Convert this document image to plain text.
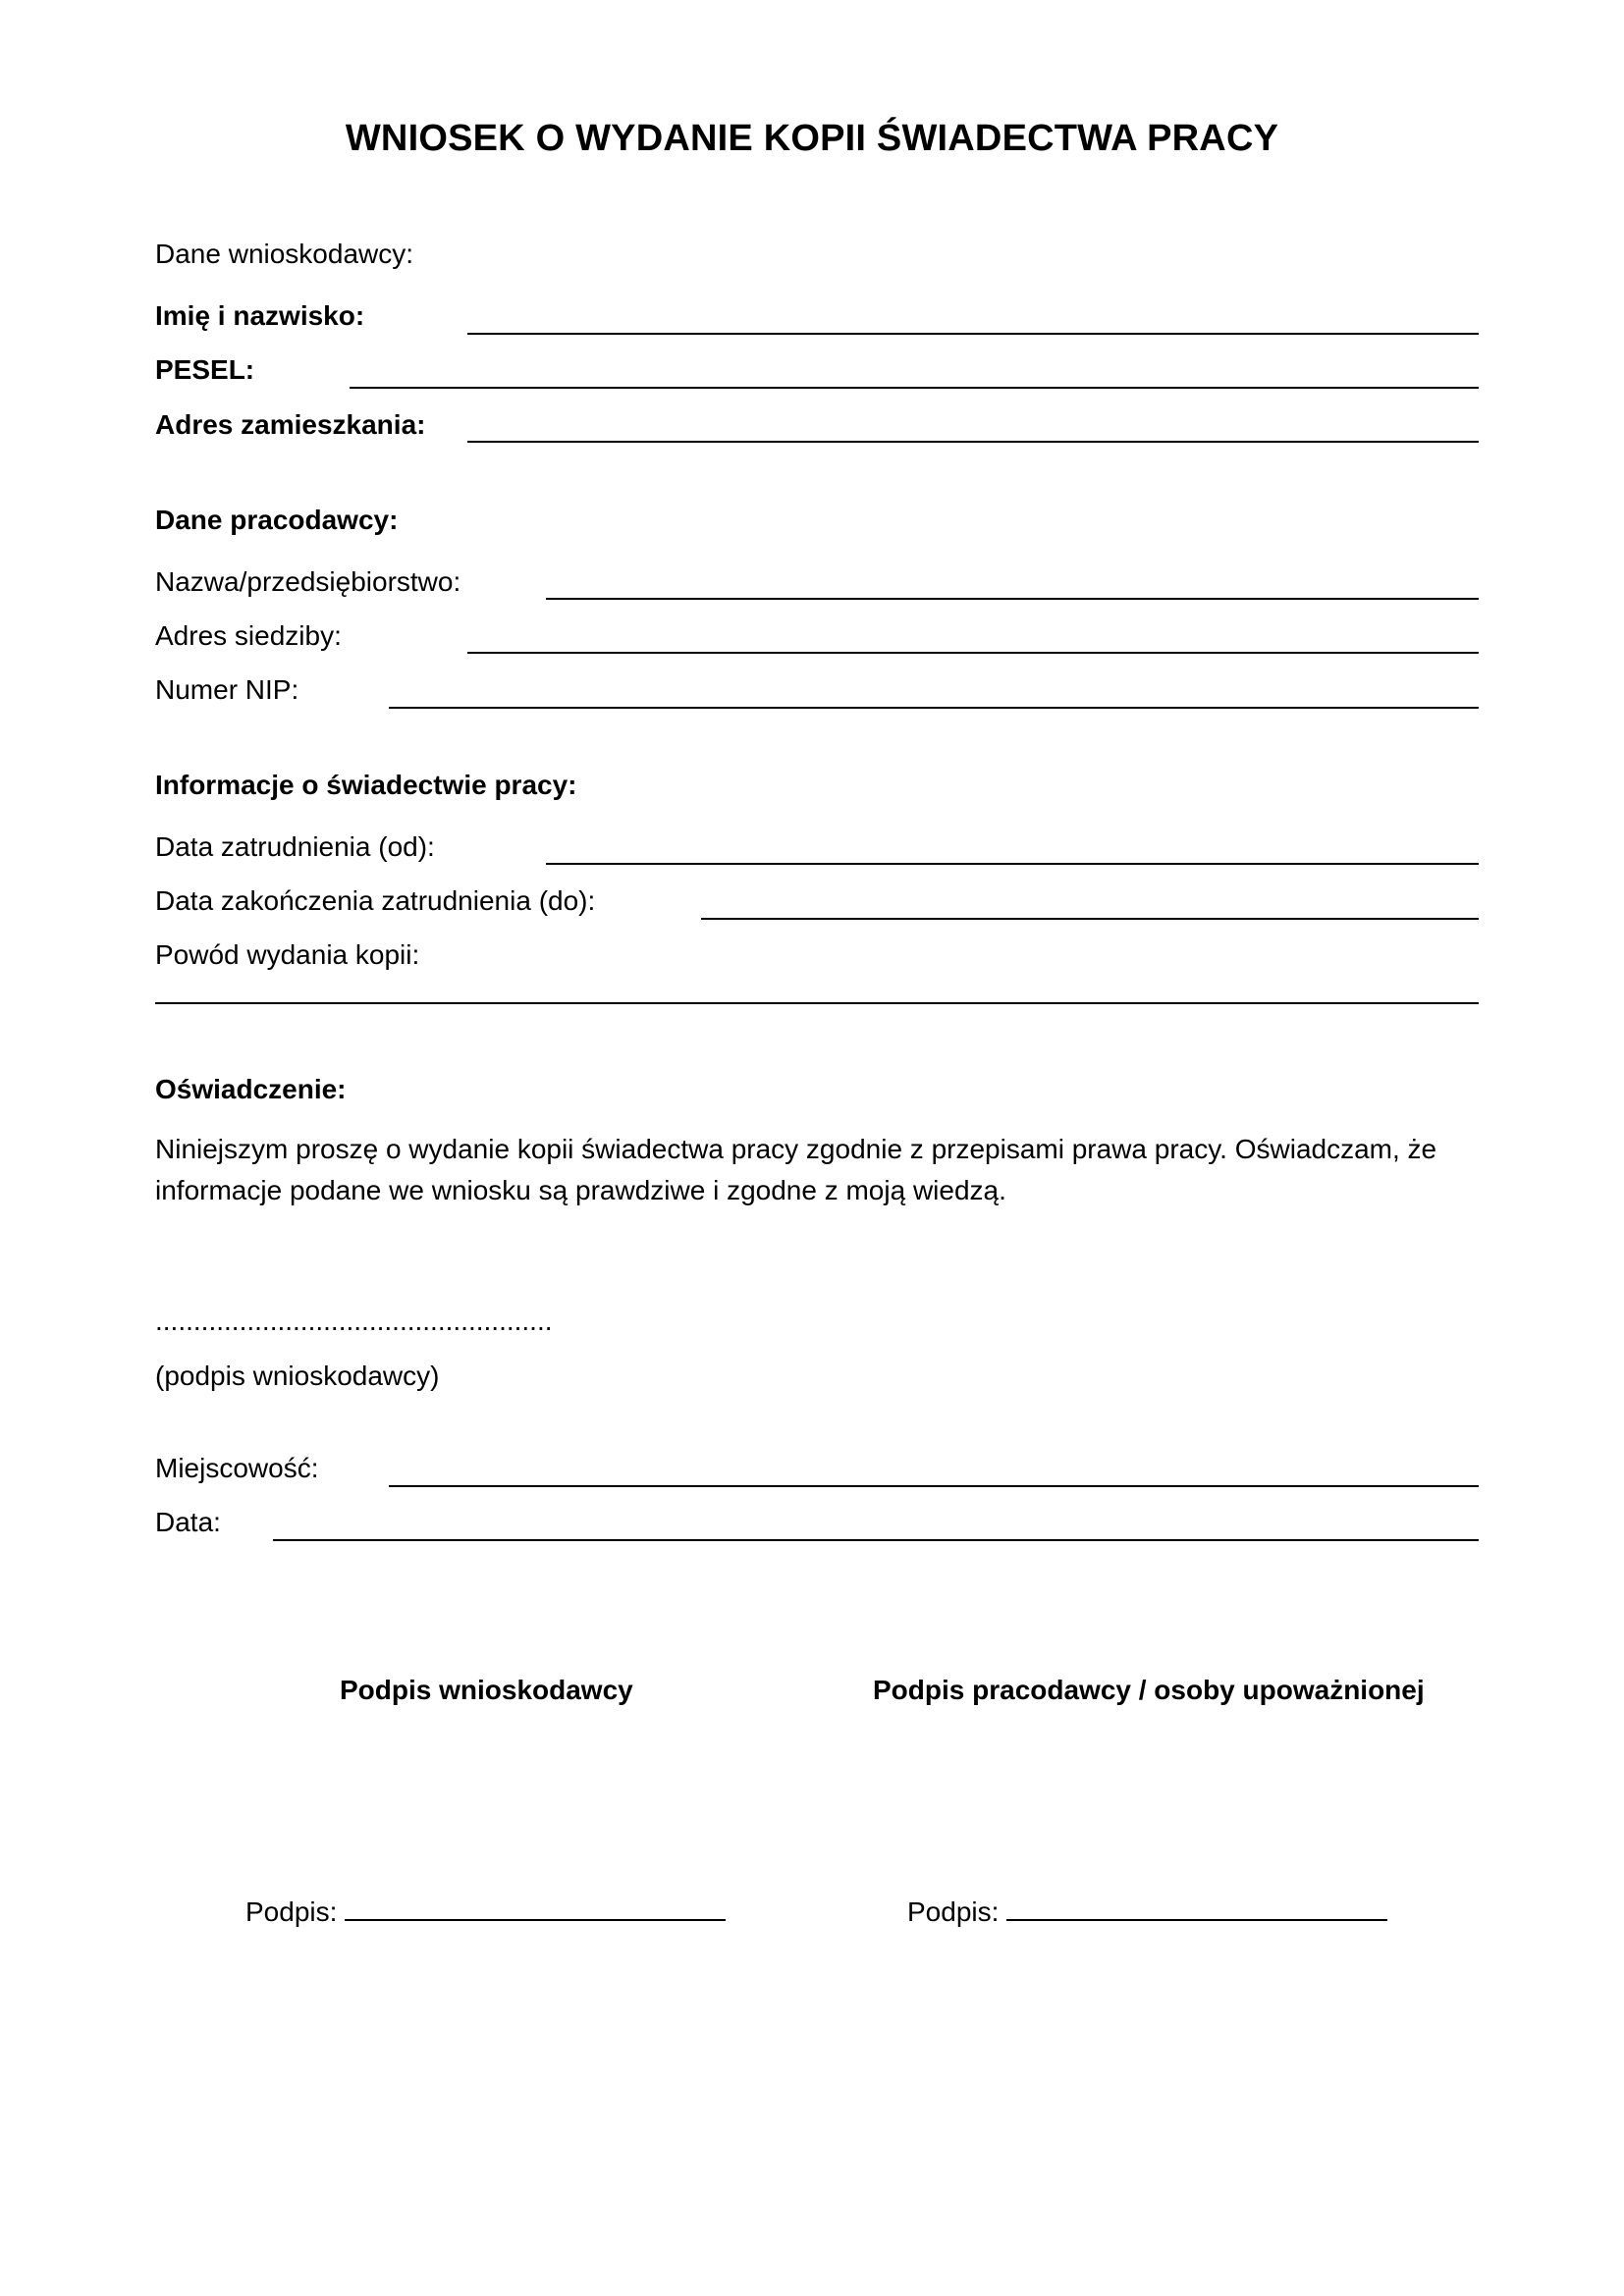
WNIOSEK O WYDANIE KOPII ŚWIADECTWA PRACY
Dane wnioskodawcy:
Imię i nazwisko:
PESEL:
Adres zamieszkania:
Dane pracodawcy:
Nazwa/przedsiębiorstwo:
Adres siedziby:
Numer NIP:
Informacje o świadectwie pracy:
Data zatrudnienia (od):
Data zakończenia zatrudnienia (do):
Powód wydania kopii:
Oświadczenie:
Niniejszym proszę o wydanie kopii świadectwa pracy zgodnie z przepisami prawa pracy. Oświadczam, że informacje podane we wniosku są prawdziwe i zgodne z moją wiedzą.
....................................................
(podpis wnioskodawcy)
Miejscowość:
Data:
Podpis wnioskodawcy	Podpis pracodawcy / osoby upoważnionej
Podpis:	Podpis:
